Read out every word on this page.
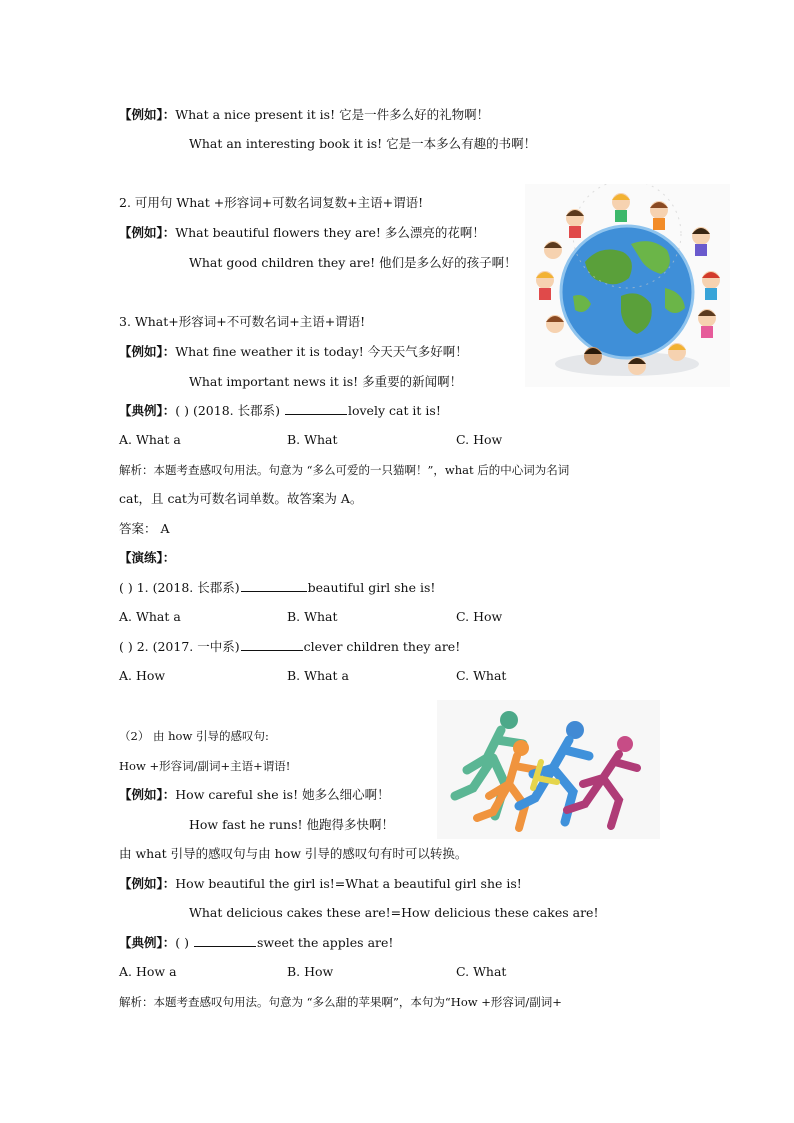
【例如】：What a nice present it is! 它是一件多么好的礼物啊！
What an interesting book it is! 它是一本多么有趣的书啊！
2. 可用句 What +形容词+可数名词复数+主语+谓语!
【例如】：What beautiful flowers they are! 多么漂亮的花啊！
What good children they are! 他们是多么好的孩子啊！
3. What+形容词+不可数名词+主语+谓语!
【例如】：What fine weather it is today! 今天天气多好啊！
What important news it is! 多重要的新闻啊！
【典例】：( ) (2018. 长郡系)	lovely cat it is!
A. What a	B. What	C. How
解析：本题考查感叹句用法。句意为 “多么可爱的一只猫啊！”，what 后的中心词为名词
cat，且 cat为可数名词单数。故答案为 A。
答案： A
【演练】：
( ) 1. (2018. 长郡系)	beautiful girl she is!
A. What a	B. What	C. How
( ) 2. (2017. 一中系)	clever children they are!
A. How	B. What a	C. What
（2） 由 how 引导的感叹句:
How +形容词/副词+主语+谓语!
【例如】：How careful she is! 她多么细心啊！
How fast he runs! 他跑得多快啊！
由 what 引导的感叹句与由 how 引导的感叹句有时可以转换。
【例如】：How beautiful the girl is!=What a beautiful girl she is!
What delicious cakes these are!=How delicious these cakes are!
【典例】：( )	sweet the apples are!
A. How a	B. How	C. What
解析：本题考查感叹句用法。句意为 “多么甜的苹果啊”，本句为“How +形容词/副词+
